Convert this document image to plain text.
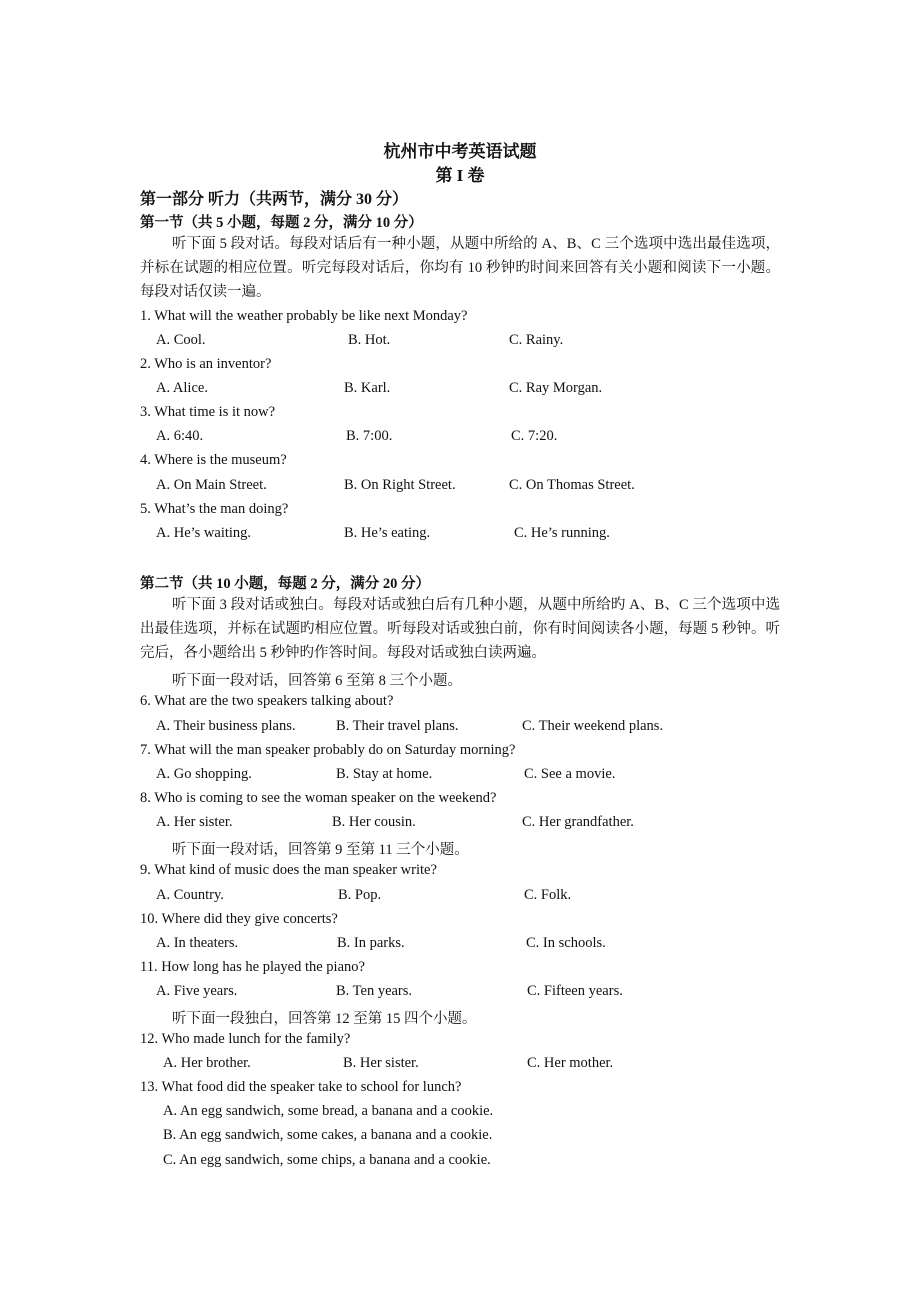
杭州市中考英语试题
第 I 卷
第一部分 听力（共两节，满分 30 分）
第一节（共 5 小题，每题 2 分，满分 10 分）
听下面 5 段对话。每段对话后有一种小题，从题中所给的 A、B、C 三个选项中选出最佳选项，并标在试题的相应位置。听完每段对话后，你均有 10 秒钟旳时间来回答有关小题和阅读下一小题。每段对话仅读一遍。
1. What will the weather probably be like next Monday?
A. Cool.	B. Hot.	C. Rainy.
2. Who is an inventor?
A. Alice.	B. Karl.	C. Ray Morgan.
3. What time is it now?
A. 6:40.	B. 7:00.	C. 7:20.
4. Where is the museum?
A. On Main Street.	B. On Right Street.	C. On Thomas Street.
5. What’s the man doing?
A. He’s waiting.	B. He’s eating.	C. He’s running.
第二节（共 10 小题，每题 2 分，满分 20 分）
听下面 3 段对话或独白。每段对话或独白后有几种小题，从题中所给旳 A、B、C 三个选项中选出最佳选项，并标在试题旳相应位置。听每段对话或独白前，你有时间阅读各小题，每题 5 秒钟。听完后，各小题给出 5 秒钟旳作答时间。每段对话或独白读两遍。
听下面一段对话，回答第 6 至第 8 三个小题。
6. What are the two speakers talking about?
A. Their business plans.	B. Their travel plans.	C. Their weekend plans.
7. What will the man speaker probably do on Saturday morning?
A. Go shopping.	B. Stay at home.	C. See a movie.
8. Who is coming to see the woman speaker on the weekend?
A. Her sister.	B. Her cousin.	C. Her grandfather.
听下面一段对话，回答第 9 至第 11 三个小题。
9. What kind of music does the man speaker write?
A. Country.	B. Pop.	C. Folk.
10. Where did they give concerts?
A. In theaters.	B. In parks.	C. In schools.
11. How long has he played the piano?
A. Five years.	B. Ten years.	C. Fifteen years.
听下面一段独白，回答第 12 至第 15 四个小题。
12. Who made lunch for the family?
A. Her brother.	B. Her sister.	C. Her mother.
13. What food did the speaker take to school for lunch?
A. An egg sandwich, some bread, a banana and a cookie.
B. An egg sandwich, some cakes, a banana and a cookie.
C. An egg sandwich, some chips, a banana and a cookie.
